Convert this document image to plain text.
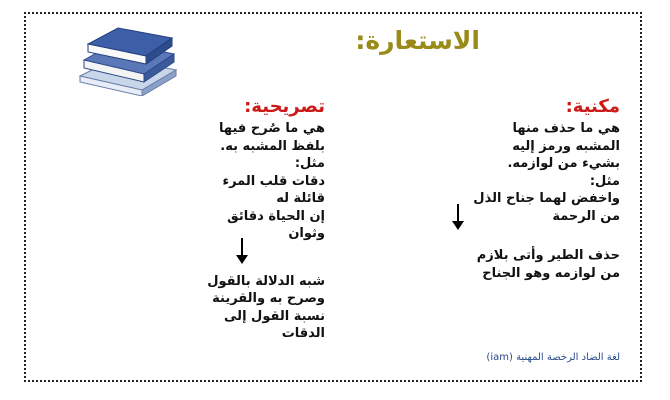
الاستعارة:
مكنية:
هي ما حذف منها
المشبه ورمز إليه
بشيء من لوازمه.
مثل:
واخفض لهما جناح الذل
من الرحمة
حذف الطير وأتى بلازم
من لوازمه وهو الجناح
تصريحية:
هي ما صُرح فيها
بلفظ المشبه به.
مثل:
دقات قلب المرء
قائلة له
إن الحياة دقائق
وثوان
شبه الدلالة بالقول
وصرح به والقرينة
نسبة القول إلى
الدقات
لغة الضاد الرخصة المهنية (iam)
